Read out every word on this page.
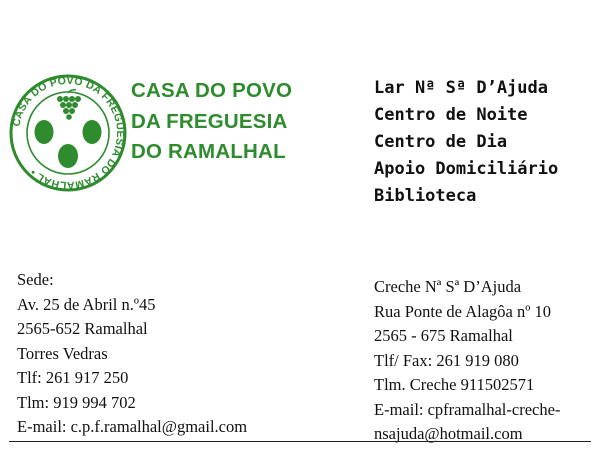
CASA DO POVO DA FREGUESIA DO RAMALHAL •
CASA DO POVO
DA FREGUESIA
DO RAMALHAL
Lar Nª Sª D’Ajuda
Centro de Noite
Centro de Dia
Apoio Domiciliário
Biblioteca
Sede:
Av. 25 de Abril n.º45
2565-652 Ramalhal
Torres Vedras
Tlf: 261 917 250
Tlm: 919 994 702
E-mail: c.p.f.ramalhal@gmail.com
Creche Nª Sª D’Ajuda
Rua Ponte de Alagôa nº 10
2565 - 675 Ramalhal
Tlf/ Fax: 261 919 080
Tlm. Creche 911502571
E-mail: cpframalhal-creche-
nsajuda@hotmail.com
